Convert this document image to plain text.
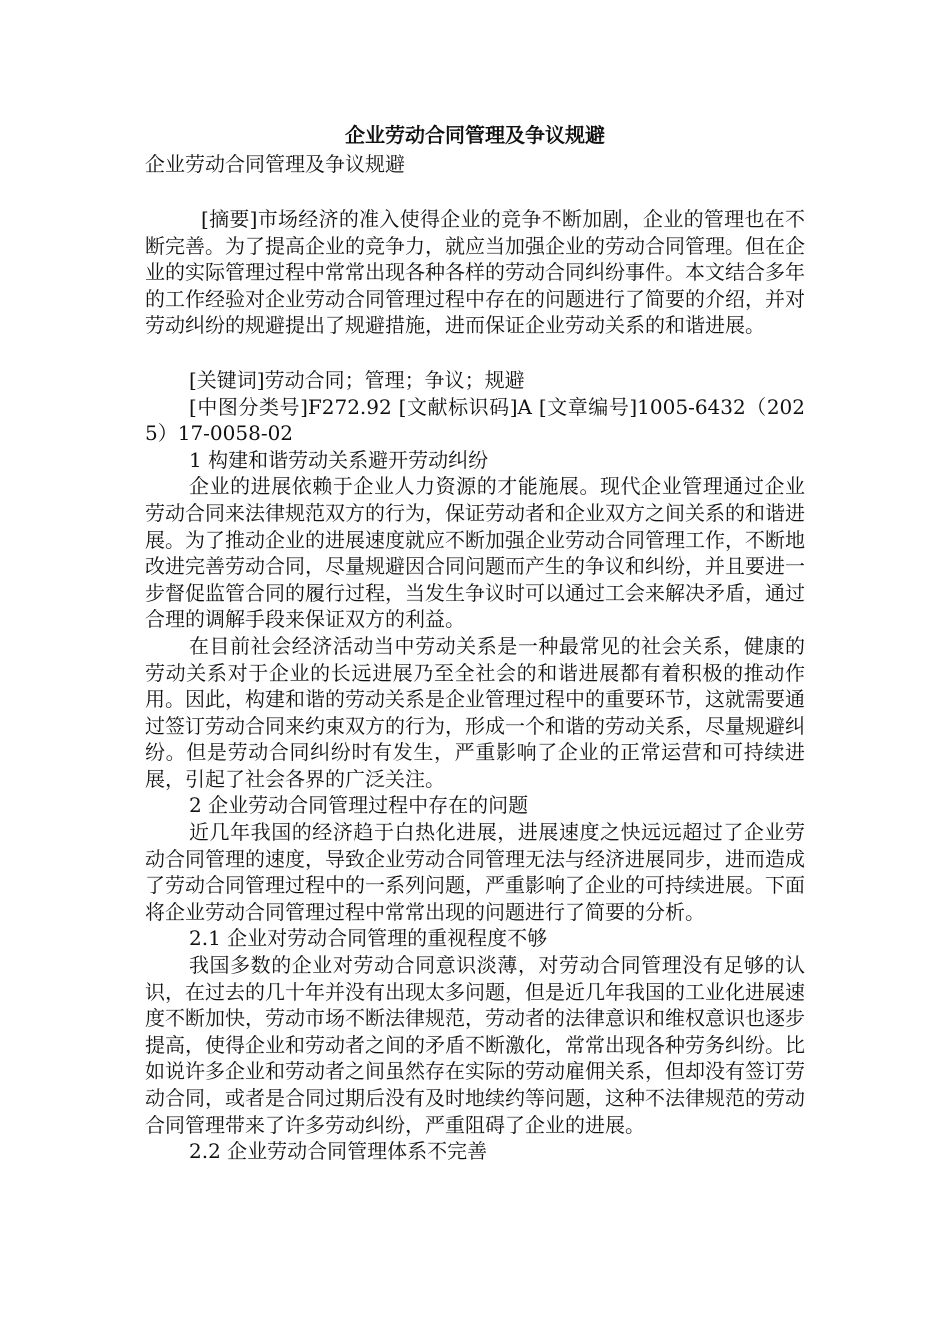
企业劳动合同管理及争议规避

企业劳动合同管理及争议规避

[摘要]市场经济的准入使得企业的竞争不断加剧，企业的管理也在不断完善。为了提高企业的竞争力，就应当加强企业的劳动合同管理。但在企业的实际管理过程中常常出现各种各样的劳动合同纠纷事件。本文结合多年的工作经验对企业劳动合同管理过程中存在的问题进行了简要的介绍，并对劳动纠纷的规避提出了规避措施，进而保证企业劳动关系的和谐进展。

[关键词]劳动合同；管理；争议；规避

[中图分类号]F272.92 [文献标识码]A [文章编号]1005-6432（2025）17-0058-02

1 构建和谐劳动关系避开劳动纠纷

企业的进展依赖于企业人力资源的才能施展。现代企业管理通过企业劳动合同来法律规范双方的行为，保证劳动者和企业双方之间关系的和谐进展。为了推动企业的进展速度就应不断加强企业劳动合同管理工作，不断地改进完善劳动合同，尽量规避因合同问题而产生的争议和纠纷，并且要进一步督促监管合同的履行过程，当发生争议时可以通过工会来解决矛盾，通过合理的调解手段来保证双方的利益。

在目前社会经济活动当中劳动关系是一种最常见的社会关系，健康的劳动关系对于企业的长远进展乃至全社会的和谐进展都有着积极的推动作用。因此，构建和谐的劳动关系是企业管理过程中的重要环节，这就需要通过签订劳动合同来约束双方的行为，形成一个和谐的劳动关系，尽量规避纠纷。但是劳动合同纠纷时有发生，严重影响了企业的正常运营和可持续进展，引起了社会各界的广泛关注。

2 企业劳动合同管理过程中存在的问题

近几年我国的经济趋于白热化进展，进展速度之快远远超过了企业劳动合同管理的速度，导致企业劳动合同管理无法与经济进展同步，进而造成了劳动合同管理过程中的一系列问题，严重影响了企业的可持续进展。下面将企业劳动合同管理过程中常常出现的问题进行了简要的分析。

2.1 企业对劳动合同管理的重视程度不够

我国多数的企业对劳动合同意识淡薄，对劳动合同管理没有足够的认识，在过去的几十年并没有出现太多问题，但是近几年我国的工业化进展速度不断加快，劳动市场不断法律规范，劳动者的法律意识和维权意识也逐步提高，使得企业和劳动者之间的矛盾不断激化，常常出现各种劳务纠纷。比如说许多企业和劳动者之间虽然存在实际的劳动雇佣关系，但却没有签订劳动合同，或者是合同过期后没有及时地续约等问题，这种不法律规范的劳动合同管理带来了许多劳动纠纷，严重阻碍了企业的进展。

2.2 企业劳动合同管理体系不完善
